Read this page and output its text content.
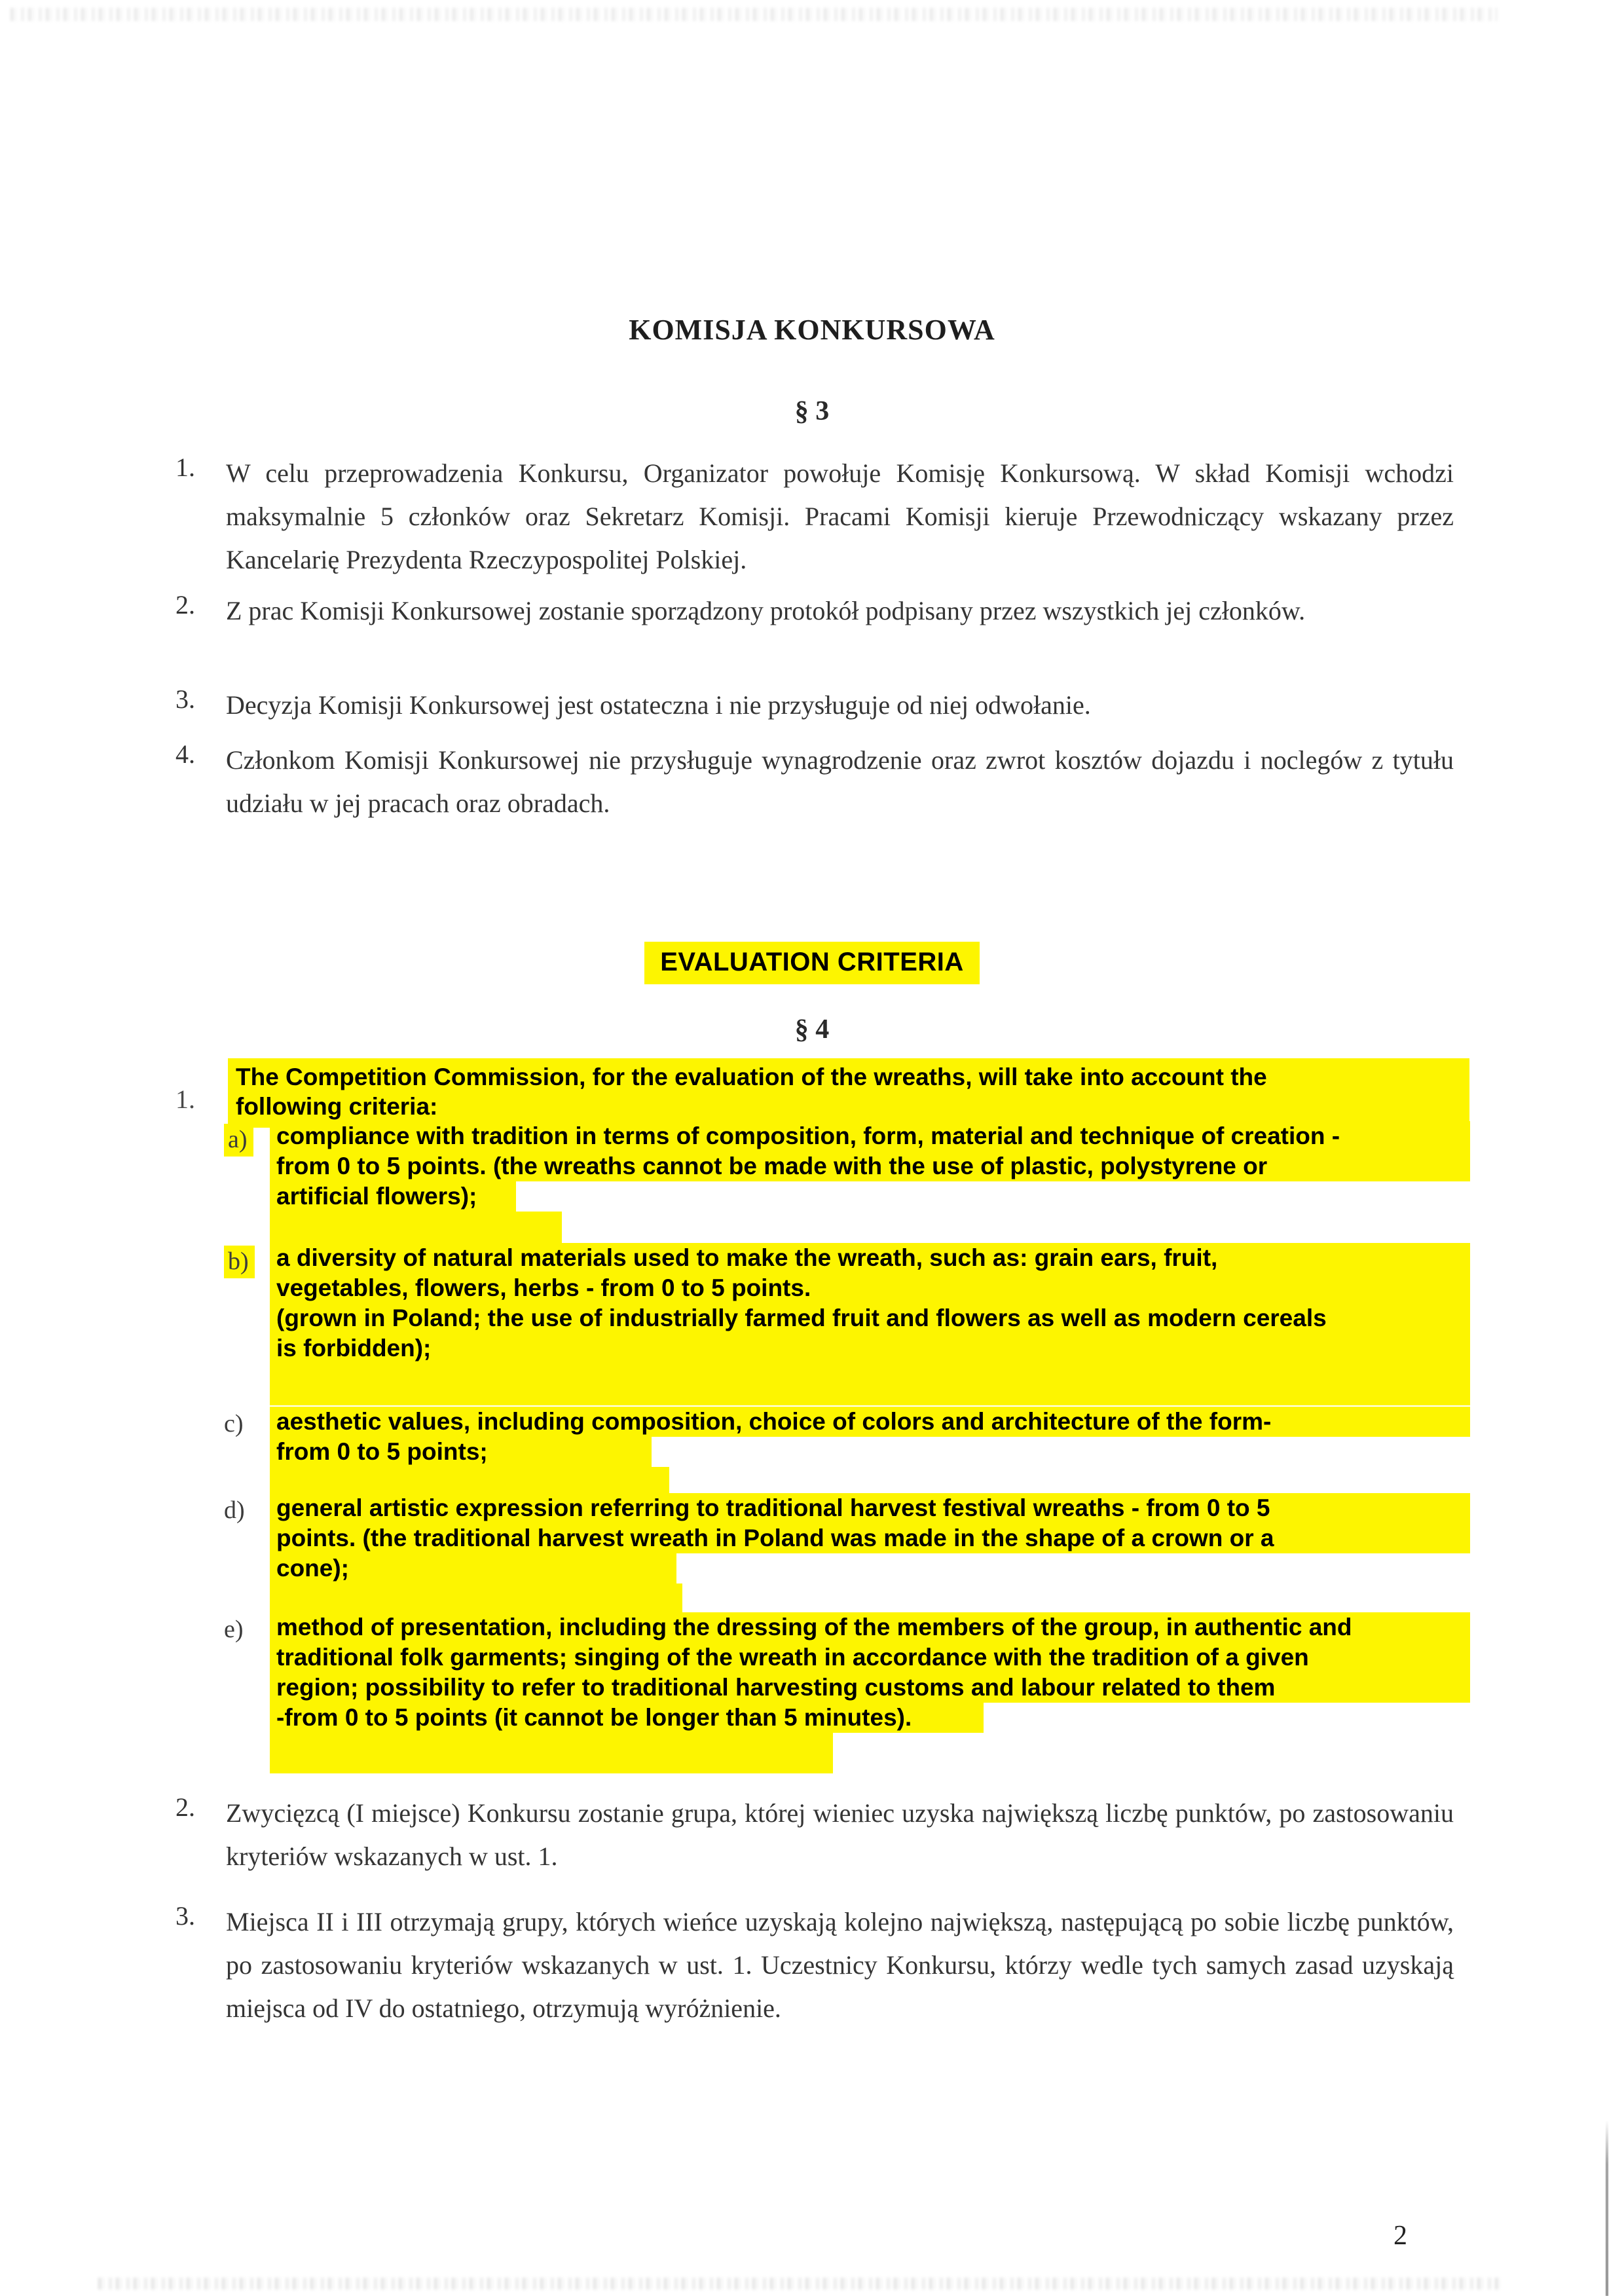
KOMISJA KONKURSOWA
§ 3
1. W celu przeprowadzenia Konkursu, Organizator powołuje Komisję Konkursową. W skład Komisji wchodzi maksymalnie 5 członków oraz Sekretarz Komisji. Pracami Komisji kieruje Przewodniczący wskazany przez Kancelarię Prezydenta Rzeczypospolitej Polskiej.
2. Z prac Komisji Konkursowej zostanie sporządzony protokół podpisany przez wszystkich jej członków.
3. Decyzja Komisji Konkursowej jest ostateczna i nie przysługuje od niej odwołanie.
4. Członkom Komisji Konkursowej nie przysługuje wynagrodzenie oraz zwrot kosztów dojazdu i noclegów z tytułu udziału w jej pracach oraz obradach.
EVALUATION CRITERIA
§ 4
1.
The Competition Commission, for the evaluation of the wreaths, will take into account the
following criteria:
a) compliance with tradition in terms of composition, form, material and technique of creation -
from 0 to 5 points. (the wreaths cannot be made with the use of plastic, polystyrene or
artificial flowers);
b) a diversity of natural materials used to make the wreath, such as: grain ears, fruit,
vegetables, flowers, herbs - from 0 to 5 points.
(grown in Poland; the use of industrially farmed fruit and flowers as well as modern cereals
is forbidden);
c) aesthetic values, including composition, choice of colors and architecture of the form-
from 0 to 5 points;
d) general artistic expression referring to traditional harvest festival wreaths - from 0 to 5
points. (the traditional harvest wreath in Poland was made in the shape of a crown or a
cone);
e) method of presentation, including the dressing of the members of the group, in authentic and
traditional folk garments; singing of the wreath in accordance with the tradition of a given
region; possibility to refer to traditional harvesting customs and labour related to them
-from 0 to 5 points (it cannot be longer than 5 minutes).
2. Zwycięzcą (I miejsce) Konkursu zostanie grupa, której wieniec uzyska największą liczbę punktów, po zastosowaniu kryteriów wskazanych w ust. 1.
3. Miejsca II i III otrzymają grupy, których wieńce uzyskają kolejno największą, następującą po sobie liczbę punktów, po zastosowaniu kryteriów wskazanych w ust. 1. Uczestnicy Konkursu, którzy wedle tych samych zasad uzyskają miejsca od IV do ostatniego, otrzymują wyróżnienie.
2
